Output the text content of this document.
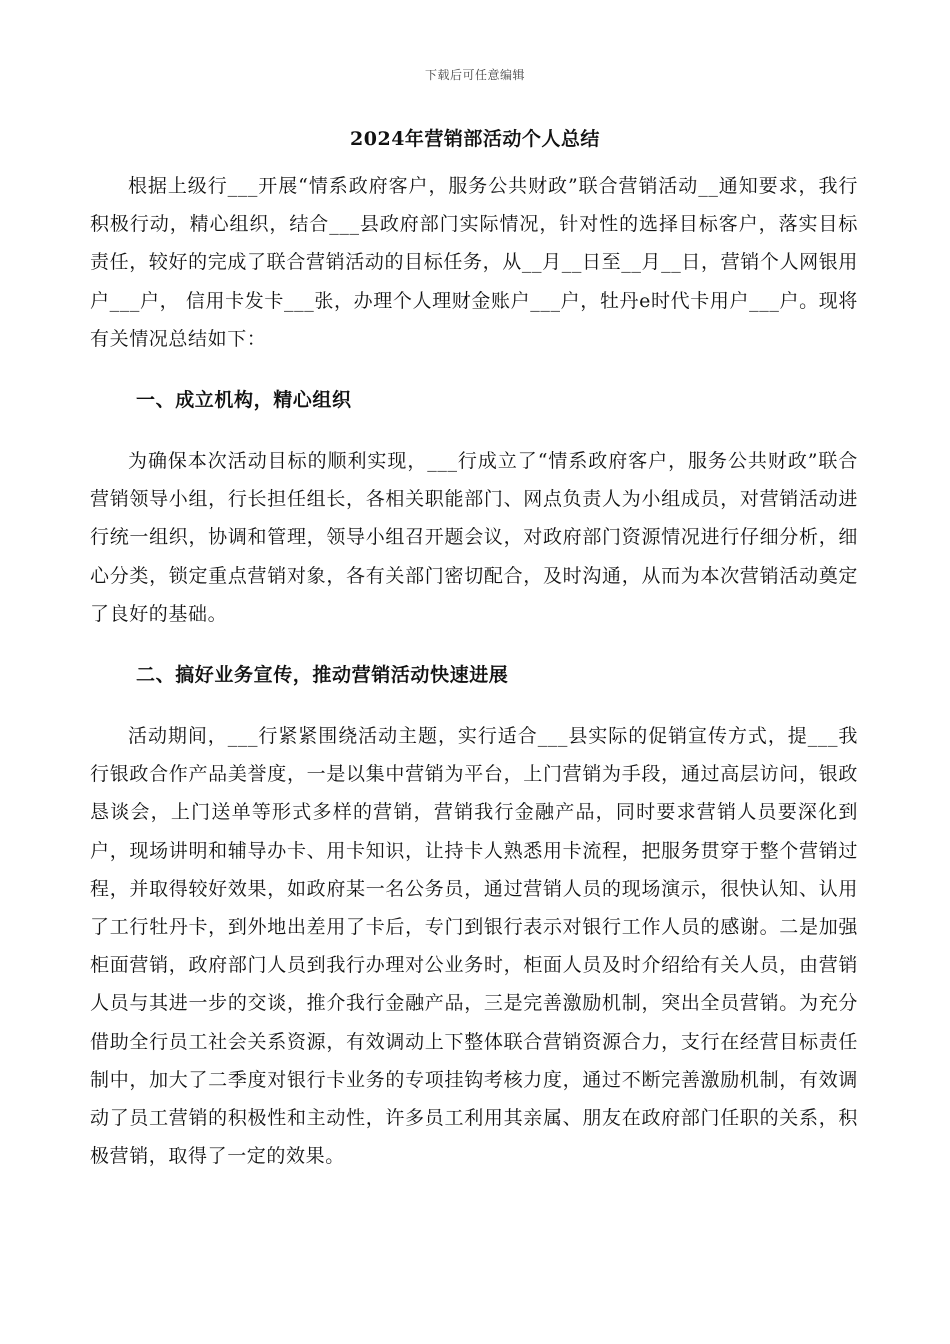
下载后可任意编辑
2024年营销部活动个人总结

根据上级行___开展“情系政府客户，服务公共财政”联合营销活动__通知要求，我行积极行动，精心组织，结合___县政府部门实际情况，针对性的选择目标客户，落实目标责任，较好的完成了联合营销活动的目标任务，从__月__日至__月__日，营销个人网银用户___户， 信用卡发卡___张，办理个人理财金账户___户，牡丹e时代卡用户___户。现将有关情况总结如下：

一、成立机构，精心组织

为确保本次活动目标的顺利实现，___行成立了“情系政府客户，服务公共财政”联合营销领导小组，行长担任组长，各相关职能部门、网点负责人为小组成员，对营销活动进行统一组织，协调和管理，领导小组召开题会议，对政府部门资源情况进行仔细分析，细心分类，锁定重点营销对象，各有关部门密切配合，及时沟通，从而为本次营销活动奠定了良好的基础。

二、搞好业务宣传，推动营销活动快速进展

活动期间，___行紧紧围绕活动主题，实行适合___县实际的促销宣传方式，提___我行银政合作产品美誉度，一是以集中营销为平台，上门营销为手段，通过高层访问，银政恳谈会，上门送单等形式多样的营销，营销我行金融产品，同时要求营销人员要深化到户，现场讲明和辅导办卡、用卡知识，让持卡人熟悉用卡流程，把服务贯穿于整个营销过程，并取得较好效果，如政府某一名公务员，通过营销人员的现场演示，很快认知、认用了工行牡丹卡，到外地出差用了卡后，专门到银行表示对银行工作人员的感谢。二是加强柜面营销，政府部门人员到我行办理对公业务时，柜面人员及时介绍给有关人员，由营销人员与其进一步的交谈，推介我行金融产品，三是完善激励机制，突出全员营销。为充分借助全行员工社会关系资源，有效调动上下整体联合营销资源合力，支行在经营目标责任制中，加大了二季度对银行卡业务的专项挂钩考核力度，通过不断完善激励机制，有效调动了员工营销的积极性和主动性，许多员工利用其亲属、朋友在政府部门任职的关系，积极营销，取得了一定的效果。
